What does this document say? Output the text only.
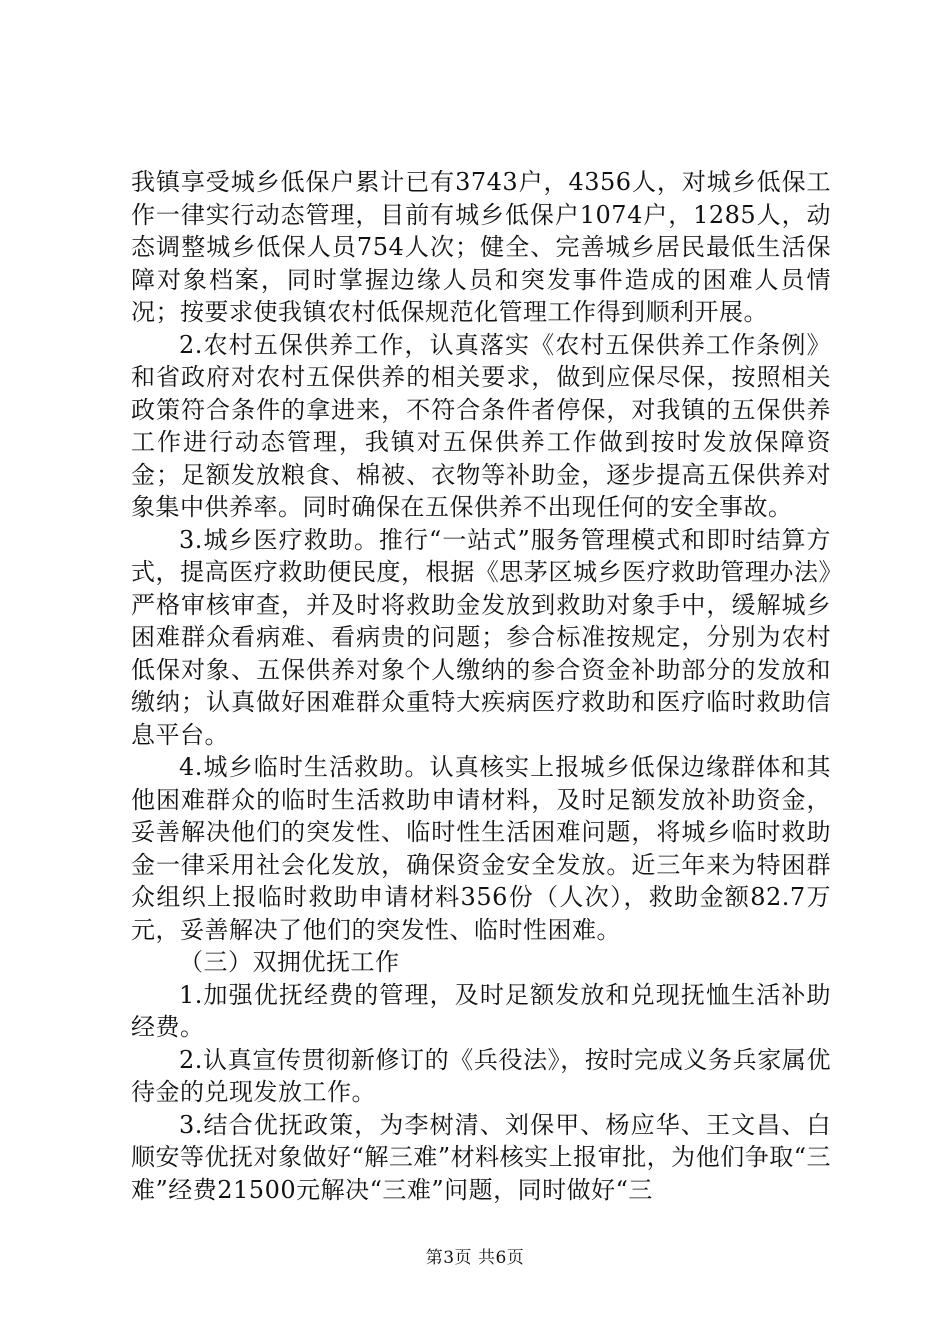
我镇享受城乡低保户累计已有3743户，4356人，对城乡低保工作一律实行动态管理，目前有城乡低保户1074户，1285人，动态调整城乡低保人员754人次；健全、完善城乡居民最低生活保障对象档案，同时掌握边缘人员和突发事件造成的困难人员情况；按要求使我镇农村低保规范化管理工作得到顺利开展。

2.农村五保供养工作，认真落实《农村五保供养工作条例》和省政府对农村五保供养的相关要求，做到应保尽保，按照相关政策符合条件的拿进来，不符合条件者停保，对我镇的五保供养工作进行动态管理，我镇对五保供养工作做到按时发放保障资金；足额发放粮食、棉被、衣物等补助金，逐步提高五保供养对象集中供养率。同时确保在五保供养不出现任何的安全事故。

3.城乡医疗救助。推行“一站式”服务管理模式和即时结算方式，提高医疗救助便民度，根据《思茅区城乡医疗救助管理办法》严格审核审查，并及时将救助金发放到救助对象手中，缓解城乡困难群众看病难、看病贵的问题；参合标准按规定，分别为农村低保对象、五保供养对象个人缴纳的参合资金补助部分的发放和缴纳；认真做好困难群众重特大疾病医疗救助和医疗临时救助信息平台。

4.城乡临时生活救助。认真核实上报城乡低保边缘群体和其他困难群众的临时生活救助申请材料，及时足额发放补助资金，妥善解决他们的突发性、临时性生活困难问题，将城乡临时救助金一律采用社会化发放，确保资金安全发放。近三年来为特困群众组织上报临时救助申请材料356份（人次），救助金额82.7万元，妥善解决了他们的突发性、临时性困难。

（三）双拥优抚工作

1.加强优抚经费的管理，及时足额发放和兑现抚恤生活补助经费。

2.认真宣传贯彻新修订的《兵役法》，按时完成义务兵家属优待金的兑现发放工作。

3.结合优抚政策，为李树清、刘保甲、杨应华、王文昌、白顺安等优抚对象做好“解三难”材料核实上报审批，为他们争取“三难”经费21500元解决“三难”问题，同时做好“三

第3页 共6页
